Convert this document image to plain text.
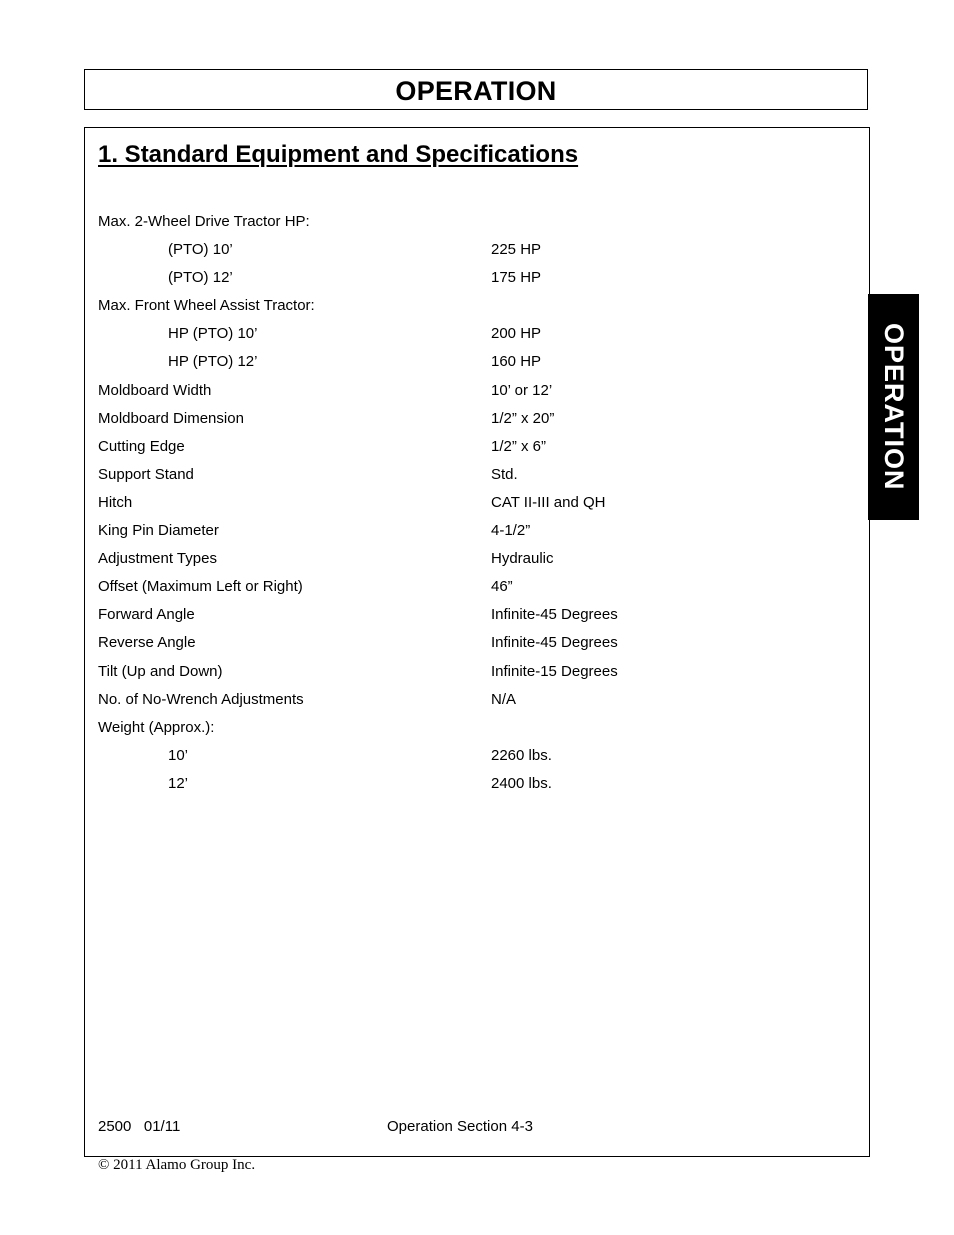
OPERATION
1. Standard Equipment and Specifications
Max. 2-Wheel Drive Tractor HP:
(PTO) 10’	225 HP
(PTO) 12’	175 HP
Max. Front Wheel Assist Tractor:
HP (PTO) 10’	200 HP
HP (PTO) 12’	160 HP
Moldboard Width	10’ or 12’
Moldboard Dimension	1/2” x 20”
Cutting Edge	1/2” x 6”
Support Stand	Std.
Hitch	CAT II-III and QH
King Pin Diameter	4-1/2”
Adjustment Types	Hydraulic
Offset (Maximum Left or Right)	46”
Forward Angle	Infinite-45 Degrees
Reverse Angle	Infinite-45 Degrees
Tilt (Up and Down)	Infinite-15 Degrees
No. of No-Wrench Adjustments	N/A
Weight (Approx.):
10’	2260 lbs.
12’	2400 lbs.
2500   01/11	Operation Section 4-3
© 2011 Alamo Group Inc.
OPERATION
